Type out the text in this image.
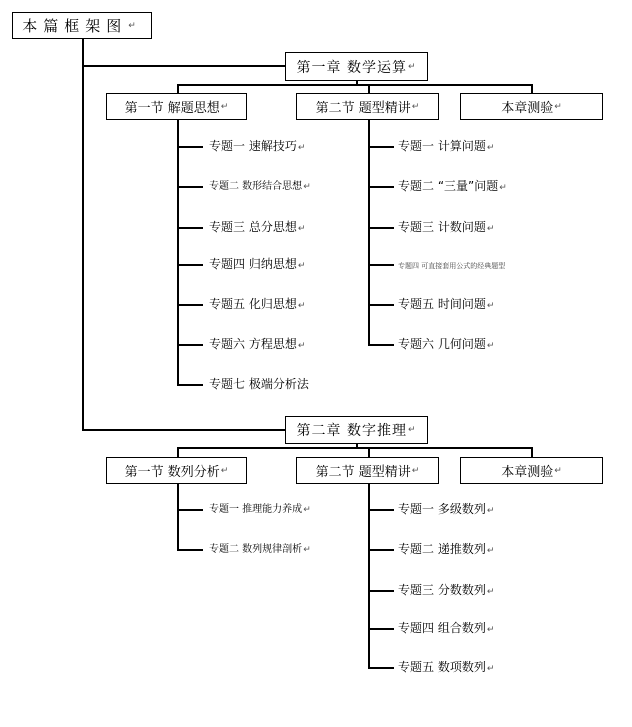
本篇框架图 ↵
第一章 数学运算 ↵
第一节 解题思想 ↵	第二节 题型精讲 ↵	本章测验 ↵
第二章 数字推理 ↵
第一节 数列分析 ↵	第二节 题型精讲 ↵	本章测验 ↵
专题一 速解技巧↵
专题二 数形结合思想↵
专题三 总分思想↵
专题四 归纳思想↵
专题五 化归思想↵
专题六 方程思想↵
专题七 极端分析法
专题一 计算问题↵
专题二 “三量”问题↵
专题三 计数问题↵
专题四 可直接套用公式的经典题型
专题五 时间问题↵
专题六 几何问题↵
专题一 推理能力养成↵
专题二 数列规律剖析↵
专题一 多级数列↵
专题二 递推数列↵
专题三 分数数列↵
专题四 组合数列↵
专题五 数项数列↵
